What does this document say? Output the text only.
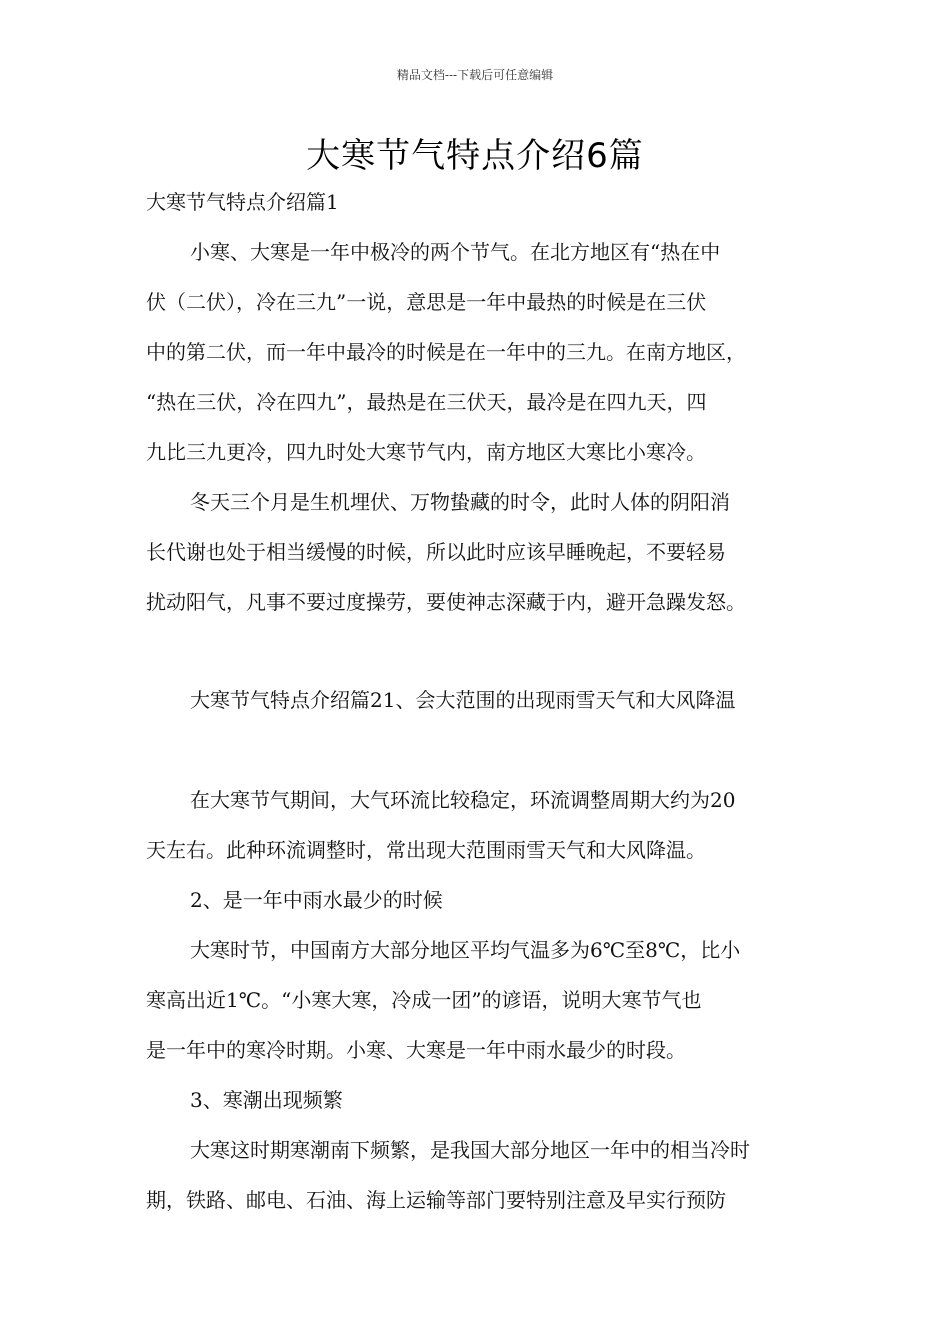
精品文档---下载后可任意编辑
大寒节气特点介绍6篇
大寒节气特点介绍篇1
小寒、大寒是一年中极冷的两个节气。在北方地区有“热在中
伏（二伏），冷在三九”一说，意思是一年中最热的时候是在三伏
中的第二伏，而一年中最冷的时候是在一年中的三九。在南方地区，
“热在三伏，冷在四九”，最热是在三伏天，最冷是在四九天，四
九比三九更冷，四九时处大寒节气内，南方地区大寒比小寒冷。
冬天三个月是生机埋伏、万物蛰藏的时令，此时人体的阴阳消
长代谢也处于相当缓慢的时候，所以此时应该早睡晚起，不要轻易
扰动阳气，凡事不要过度操劳，要使神志深藏于内，避开急躁发怒。
大寒节气特点介绍篇21、会大范围的出现雨雪天气和大风降温
在大寒节气期间，大气环流比较稳定，环流调整周期大约为20
天左右。此种环流调整时，常出现大范围雨雪天气和大风降温。
2、是一年中雨水最少的时候
大寒时节，中国南方大部分地区平均气温多为6℃至8℃，比小
寒高出近1℃。“小寒大寒，冷成一团”的谚语，说明大寒节气也
是一年中的寒冷时期。小寒、大寒是一年中雨水最少的时段。
3、寒潮出现频繁
大寒这时期寒潮南下频繁，是我国大部分地区一年中的相当冷时
期，铁路、邮电、石油、海上运输等部门要特别注意及早实行预防
